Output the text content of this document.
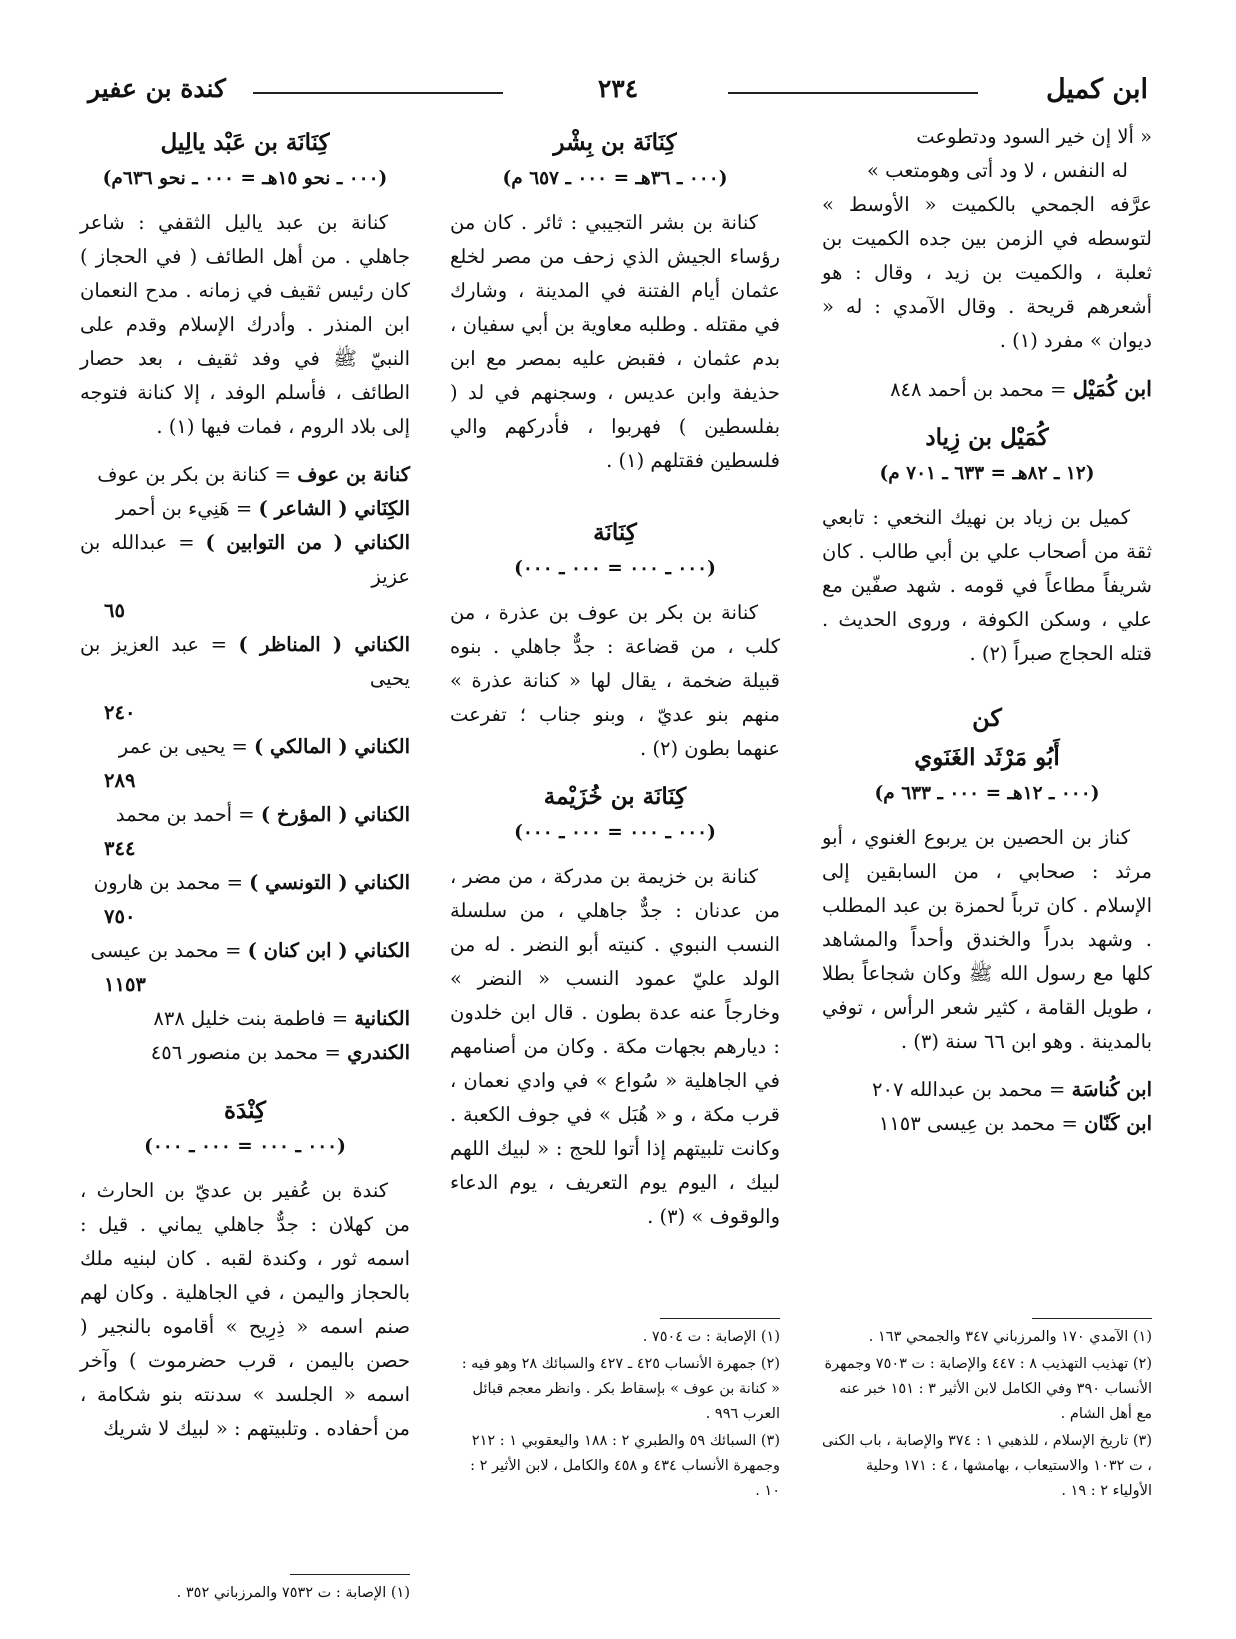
ابن كميل
٢٣٤
كندة بن عفير

« ألا إن خير السود ودتطوعت

له النفس ، لا ود أتى وهومتعب »

عرَّفه الجمحي بالكميت « الأوسط » لتوسطه في الزمن بين جده الكميت بن ثعلبة ، والكميت بن زيد ، وقال : هو أشعرهم قريحة . وقال الآمدي : له « ديوان » مفرد (١) .

ابن كُمَيْل = محمد بن أحمد ٨٤٨

كُمَيْل بن زِياد
(١٢ ـ ٨٢هـ = ٦٣٣ ـ ٧٠١ م)

كميل بن زياد بن نهيك النخعي : تابعي ثقة من أصحاب علي بن أبي طالب . كان شريفاً مطاعاً في قومه . شهد صفّين مع علي ، وسكن الكوفة ، وروى الحديث . قتله الحجاج صبراً (٢) .

كن
أَبُو مَرْثَد الغَنَوي
(٠٠٠ ـ ١٢هـ = ٠٠٠ ـ ٦٣٣ م)

كناز بن الحصين بن يربوع الغنوي ، أبو مرثد : صحابي ، من السابقين إلى الإسلام . كان ترباً لحمزة بن عبد المطلب . وشهد بدراً والخندق وأحداً والمشاهد كلها مع رسول الله ﷺ وكان شجاعاً بطلا ، طويل القامة ، كثير شعر الرأس ، توفي بالمدينة . وهو ابن ٦٦ سنة (٣) .

ابن كُناسَة = محمد بن عبدالله ٢٠٧

ابن كَنّان = محمد بن عِيسى ١١٥٣

(١) الآمدي ١٧٠ والمرزباني ٣٤٧ والجمحي ١٦٣ .

(٢) تهذيب التهذيب ٨ : ٤٤٧ والإصابة : ت ٧٥٠٣ وجمهرة الأنساب ٣٩٠ وفي الكامل لابن الأثير ٣ : ١٥١ خبر عنه مع أهل الشام .

(٣) تاريخ الإسلام ، للذهبي ١ : ٣٧٤ والإصابة ، باب الكنى ، ت ١٠٣٢ والاستيعاب ، بهامشها ، ٤ : ١٧١ وحلية الأولياء ٢ : ١٩ .

كِنَانَة بن بِشْر
(٠٠٠ ـ ٣٦هـ = ٠٠٠ ـ ٦٥٧ م)

كنانة بن بشر التجيبي : ثائر . كان من رؤساء الجيش الذي زحف من مصر لخلع عثمان أيام الفتنة في المدينة ، وشارك في مقتله . وطلبه معاوية بن أبي سفيان ، بدم عثمان ، فقبض عليه بمصر مع ابن حذيفة وابن عديس ، وسجنهم في لد ( بفلسطين ) فهربوا ، فأدركهم والي فلسطين فقتلهم (١) .

كِنَانَة
(٠٠٠ ـ ٠٠٠ = ٠٠٠ ـ ٠٠٠)

كنانة بن بكر بن عوف بن عذرة ، من كلب ، من قضاعة : جدٌّ جاهلي . بنوه قبيلة ضخمة ، يقال لها « كنانة عذرة » منهم بنو عديّ ، وبنو جناب ؛ تفرعت عنهما بطون (٢) .

كِنَانَة بن خُزَيْمة
(٠٠٠ ـ ٠٠٠ = ٠٠٠ ـ ٠٠٠)

كنانة بن خزيمة بن مدركة ، من مضر ، من عدنان : جدٌّ جاهلي ، من سلسلة النسب النبوي . كنيته أبو النضر . له من الولد عليّ عمود النسب « النضر » وخارجاً عنه عدة بطون . قال ابن خلدون : ديارهم بجهات مكة . وكان من أصنامهم في الجاهلية « سُواع » في وادي نعمان ، قرب مكة ، و « هُبَل » في جوف الكعبة . وكانت تلبيتهم إذا أتوا للحج : « لبيك اللهم لبيك ، اليوم يوم التعريف ، يوم الدعاء والوقوف » (٣) .

(١) الإصابة : ت ٧٥٠٤ .

(٢) جمهرة الأنساب ٤٢٥ ـ ٤٢٧ والسبائك ٢٨ وهو فيه : « كنانة بن عوف » بإسقاط بكر . وانظر معجم قبائل العرب ٩٩٦ .

(٣) السبائك ٥٩ والطبري ٢ : ١٨٨ واليعقوبي ١ : ٢١٢ وجمهرة الأنساب ٤٣٤ و ٤٥٨ والكامل ، لابن الأثير ٢ : ١٠ .

كِنَانَة بن عَبْد يالِيل
(٠٠٠ ـ نحو ١٥هـ = ٠٠٠ ـ نحو ٦٣٦م)

كنانة بن عبد ياليل الثقفي : شاعر جاهلي . من أهل الطائف ( في الحجاز ) كان رئيس ثقيف في زمانه . مدح النعمان ابن المنذر . وأدرك الإسلام وقدم على النبيّ ﷺ في وفد ثقيف ، بعد حصار الطائف ، فأسلم الوفد ، إلا كنانة فتوجه إلى بلاد الروم ، فمات فيها (١) .

كنانة بن عوف = كنانة بن بكر بن عوف

الكِنَاني ( الشاعر ) = هَنِيء بن أحمر

الكناني ( من التوابين ) = عبدالله بن عزيز
٦٥

الكناني ( المناظر ) = عبد العزيز بن يحيى
٢٤٠

الكناني ( المالكي ) = يحيى بن عمر
٢٨٩

الكناني ( المؤرخ ) = أحمد بن محمد
٣٤٤

الكناني ( التونسي ) = محمد بن هارون
٧٥٠

الكناني ( ابن كنان ) = محمد بن عيسى
١١٥٣

الكنانية = فاطمة بنت خليل ٨٣٨

الكندري = محمد بن منصور ٤٥٦

كِنْدَة
(٠٠٠ ـ ٠٠٠ = ٠٠٠ ـ ٠٠٠)

كندة بن عُفير بن عديّ بن الحارث ، من كهلان : جدٌّ جاهلي يماني . قيل : اسمه ثور ، وكندة لقبه . كان لبنيه ملك بالحجاز واليمن ، في الجاهلية . وكان لهم صنم اسمه « ذِرِيح » أقاموه بالنجير ( حصن باليمن ، قرب حضرموت ) وآخر اسمه « الجلسد » سدنته بنو شكامة ، من أحفاده . وتلبيتهم : « لبيك لا شريك

(١) الإصابة : ت ٧٥٣٢ والمرزباني ٣٥٢ .
